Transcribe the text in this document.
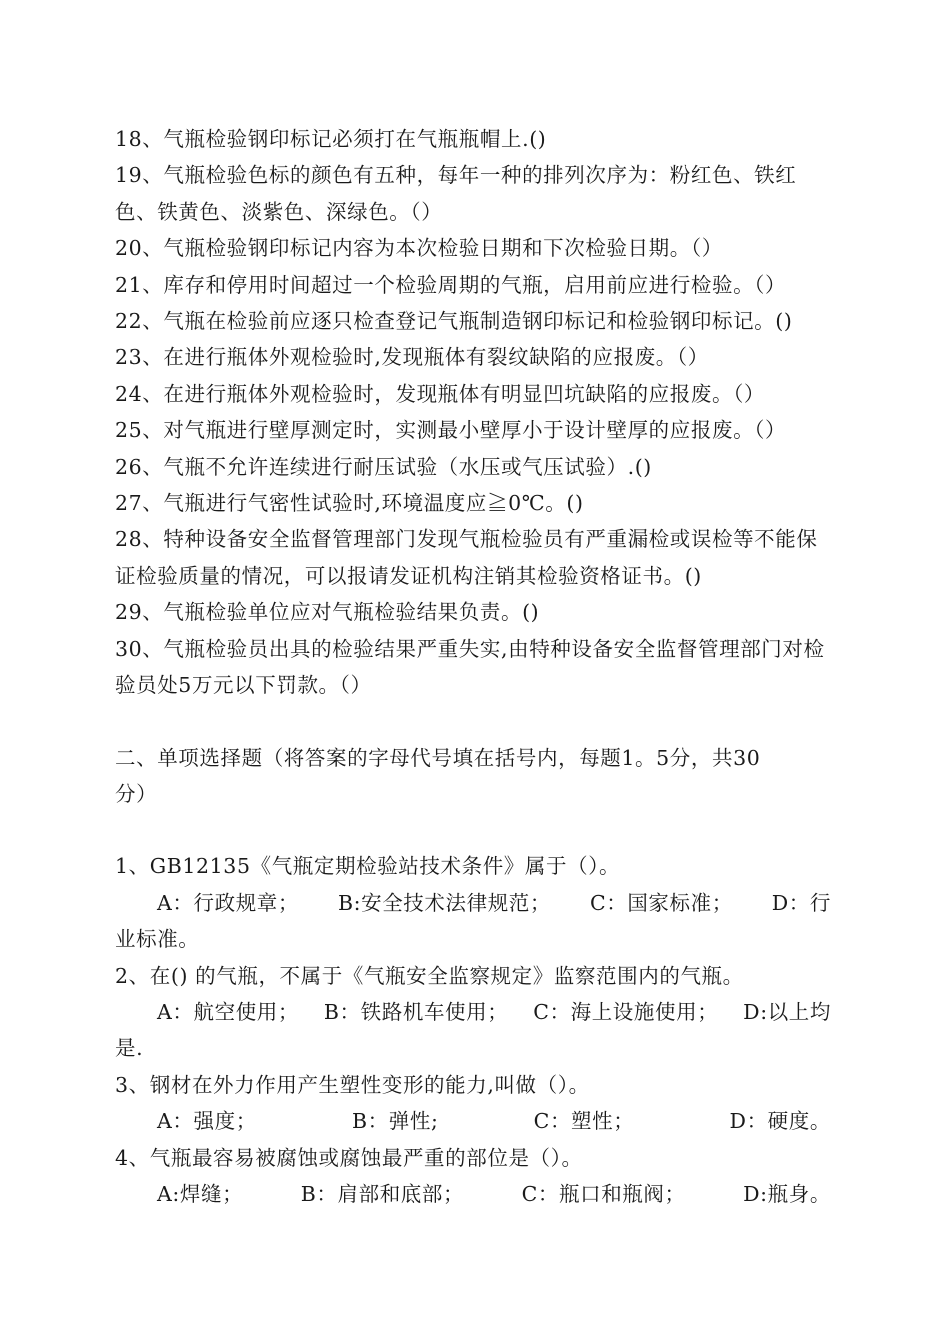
18、气瓶检验钢印标记必须打在气瓶瓶帽上.()

19、气瓶检验色标的颜色有五种，每年一种的排列次序为：粉红色、铁红色、铁黄色、淡紫色、深绿色。（）

20、气瓶检验钢印标记内容为本次检验日期和下次检验日期。（）

21、库存和停用时间超过一个检验周期的气瓶，启用前应进行检验。（）

22、气瓶在检验前应逐只检查登记气瓶制造钢印标记和检验钢印标记。()

23、在进行瓶体外观检验时,发现瓶体有裂纹缺陷的应报废。（）

24、在进行瓶体外观检验时，发现瓶体有明显凹坑缺陷的应报废。（）

25、对气瓶进行壁厚测定时，实测最小壁厚小于设计壁厚的应报废。（）

26、气瓶不允许连续进行耐压试验（水压或气压试验）.()

27、气瓶进行气密性试验时,环境温度应≧0℃。()

28、特种设备安全监督管理部门发现气瓶检验员有严重漏检或误检等不能保证检验质量的情况，可以报请发证机构注销其检验资格证书。()

29、气瓶检验单位应对气瓶检验结果负责。()

30、气瓶检验员出具的检验结果严重失实,由特种设备安全监督管理部门对检验员处5万元以下罚款。（）

二、单项选择题（将答案的字母代号填在括号内，每题1。5分，共30

分）

1、GB12135《气瓶定期检验站技术条件》属于（）。

A：行政规章； B:安全技术法律规范； C：国家标准； D：行

业标准。

2、在() 的气瓶，不属于《气瓶安全监察规定》监察范围内的气瓶。

A：航空使用； B：铁路机车使用； C：海上设施使用； D:以上均

是.

3、钢材在外力作用产生塑性变形的能力,叫做（）。

A：强度；	B：弹性;	C：塑性；	D：硬度。

4、气瓶最容易被腐蚀或腐蚀最严重的部位是（）。

A:焊缝；	B：肩部和底部；	C：瓶口和瓶阀；	D:瓶身。
